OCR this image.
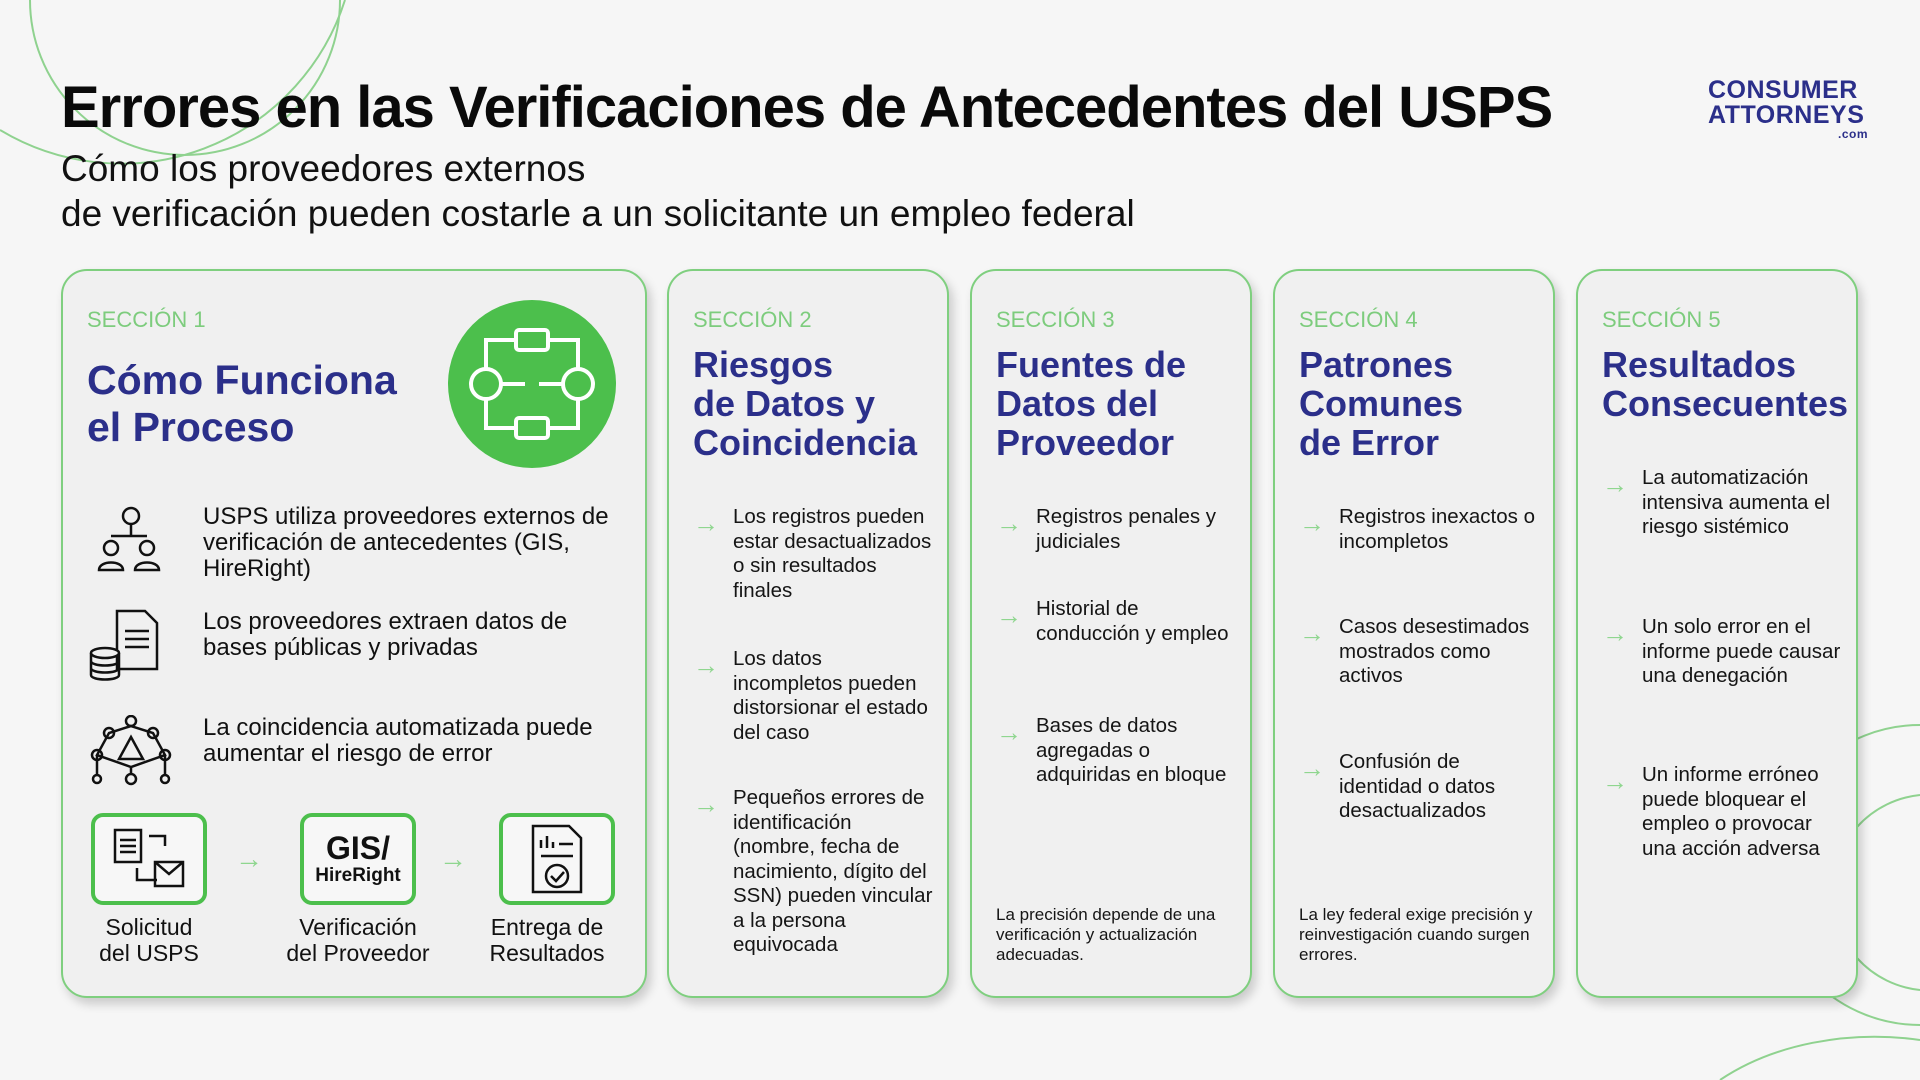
Errores en las Verificaciones de Antecedentes del USPS
Cómo los proveedores externos
de verificación pueden costarle a un solicitante un empleo federal
CONSUMER
ATTORNEYS
.com
SECCIÓN 1
Cómo Funciona
el Proceso
USPS utiliza proveedores externos de verificación de antecedentes (GIS, HireRight)
Los proveedores extraen datos de bases públicas y privadas
La coincidencia automatizada puede aumentar el riesgo de error
→ GIS/
HireRight
→
Solicitud
del USPS
Verificación
del Proveedor
Entrega de
Resultados
SECCIÓN 2
Riesgos
de Datos y
Coincidencia
→ Los registros pueden estar desactualizados o sin resultados finales
→ Los datos incompletos pueden distorsionar el estado del caso
→ Pequeños errores de identificación (nombre, fecha de nacimiento, dígito del SSN) pueden vincular a la persona equivocada
SECCIÓN 3
Fuentes de
Datos del
Proveedor
→ Registros penales y judiciales
→ Historial de conducción y empleo
→ Bases de datos agregadas o adquiridas en bloque
La precisión depende de una verificación y actualización adecuadas.
SECCIÓN 4
Patrones
Comunes
de Error
→ Registros inexactos o incompletos
→ Casos desestimados mostrados como activos
→ Confusión de identidad o datos desactualizados
La ley federal exige precisión y reinvestigación cuando surgen errores.
SECCIÓN 5
Resultados
Consecuentes
→ La automatización intensiva aumenta el riesgo sistémico
→ Un solo error en el informe puede causar una denegación
→ Un informe erróneo puede bloquear el empleo o provocar una acción adversa
